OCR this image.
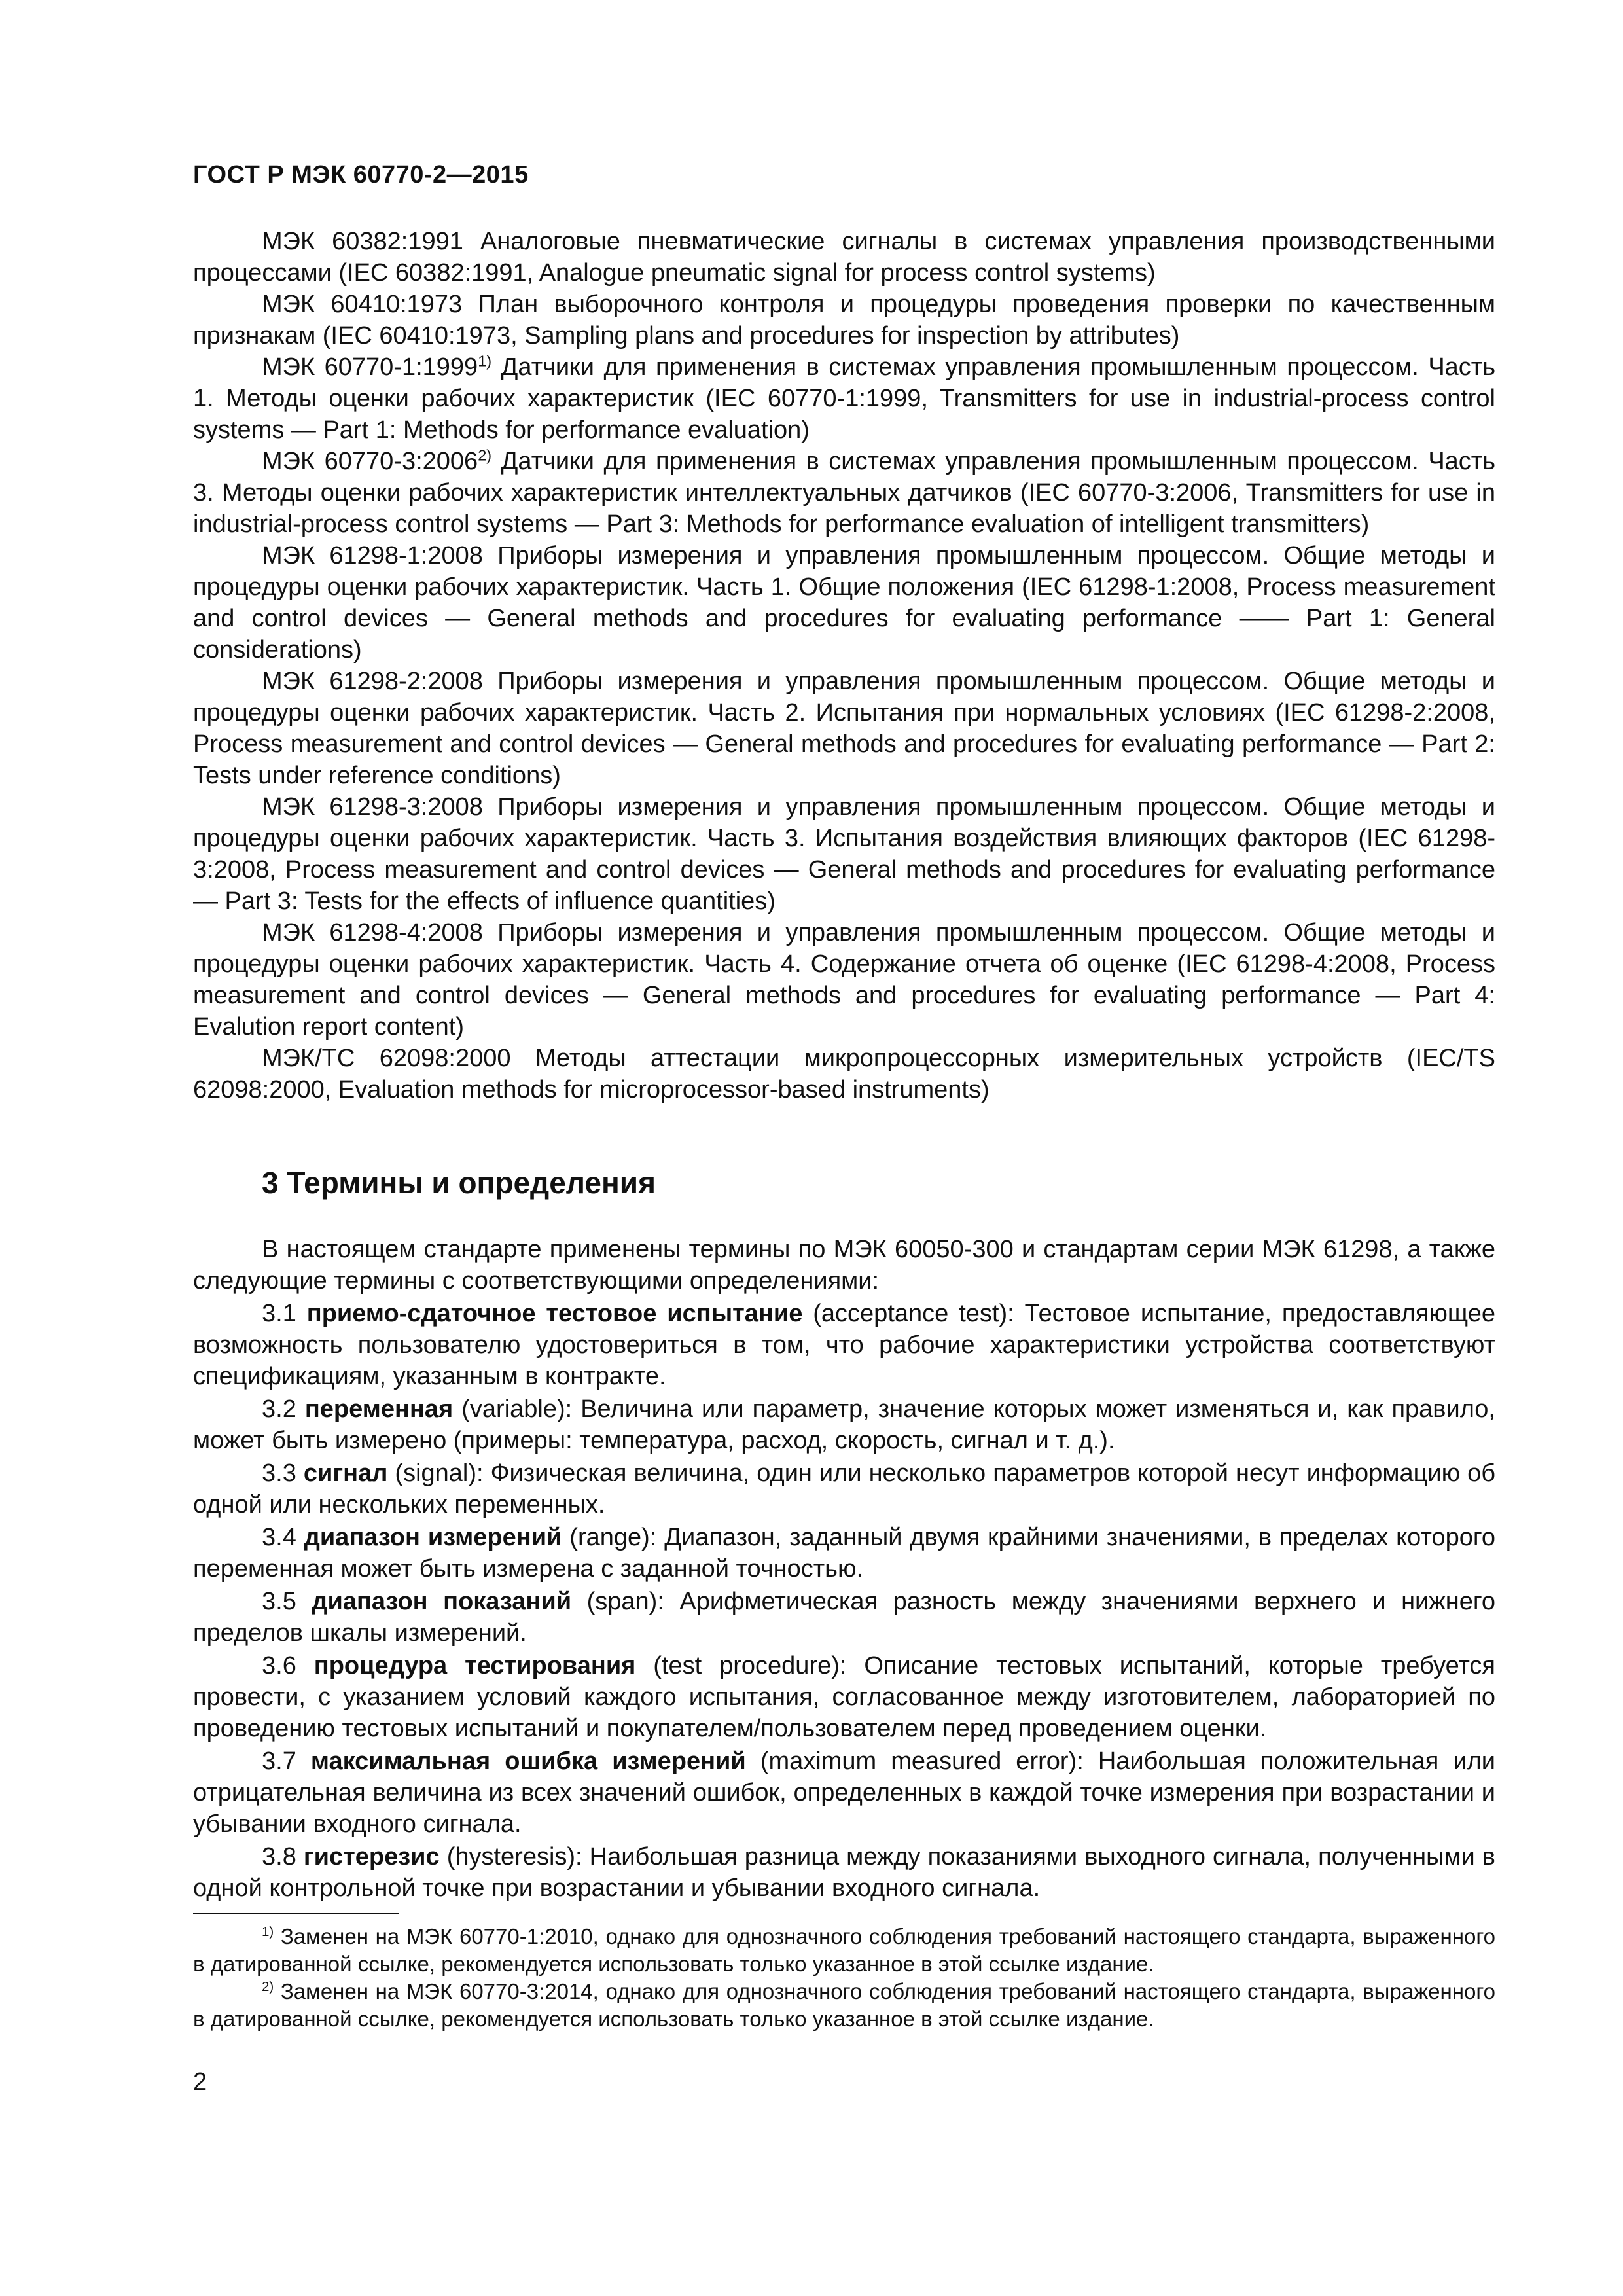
ГОСТ Р МЭК 60770-2—2015

МЭК 60382:1991 Аналоговые пневматические сигналы в системах управления производственными процессами (IEC 60382:1991, Analogue pneumatic signal for process control systems)

МЭК 60410:1973 План выборочного контроля и процедуры проведения проверки по качественным признакам (IEC 60410:1973, Sampling plans and procedures for inspection by attributes)

МЭК 60770-1:1999$^{1)}$ Датчики для применения в системах управления промышленным процессом. Часть 1. Методы оценки рабочих характеристик (IEC 60770-1:1999, Transmitters for use in industrial-process control systems — Part 1: Methods for performance evaluation)

МЭК 60770-3:2006$^{2)}$ Датчики для применения в системах управления промышленным процессом. Часть 3. Методы оценки рабочих характеристик интеллектуальных датчиков (IEC 60770-3:2006, Transmitters for use in industrial-process control systems — Part 3: Methods for performance evaluation of intelligent transmitters)

МЭК 61298-1:2008 Приборы измерения и управления промышленным процессом. Общие методы и процедуры оценки рабочих характеристик. Часть 1. Общие положения (IEC 61298-1:2008, Process measurement and control devices — General methods and procedures for evaluating performance —— Part 1: General considerations)

МЭК 61298-2:2008 Приборы измерения и управления промышленным процессом. Общие методы и процедуры оценки рабочих характеристик. Часть 2. Испытания при нормальных условиях (IEC 61298-2:2008, Process measurement and control devices — General methods and procedures for evaluating performance — Part 2: Tests under reference conditions)

МЭК 61298-3:2008 Приборы измерения и управления промышленным процессом. Общие методы и процедуры оценки рабочих характеристик. Часть 3. Испытания воздействия влияющих факторов (IEC 61298-3:2008, Process measurement and control devices — General methods and procedures for evaluating performance — Part 3: Tests for the effects of influence quantities)

МЭК 61298-4:2008 Приборы измерения и управления промышленным процессом. Общие методы и процедуры оценки рабочих характеристик. Часть 4. Содержание отчета об оценке (IEC 61298-4:2008, Process measurement and control devices — General methods and procedures for evaluating performance — Part 4: Evalution report content)

МЭК/ТС 62098:2000 Методы аттестации микропроцессорных измерительных устройств (IEC/TS 62098:2000, Evaluation methods for microprocessor-based instruments)

3 Термины и определения

В настоящем стандарте применены термины по МЭК 60050-300 и стандартам серии МЭК 61298, а также следующие термины с соответствующими определениями:

3.1 приемо-сдаточное тестовое испытание (acceptance test): Тестовое испытание, предоставляющее возможность пользователю удостовериться в том, что рабочие характеристики устройства соответствуют спецификациям, указанным в контракте.

3.2 переменная (variable): Величина или параметр, значение которых может изменяться и, как правило, может быть измерено (примеры: температура, расход, скорость, сигнал и т. д.).

3.3 сигнал (signal): Физическая величина, один или несколько параметров которой несут информацию об одной или нескольких переменных.

3.4 диапазон измерений (range): Диапазон, заданный двумя крайними значениями, в пределах которого переменная может быть измерена с заданной точностью.

3.5 диапазон показаний (span): Арифметическая разность между значениями верхнего и нижнего пределов шкалы измерений.

3.6 процедура тестирования (test procedure): Описание тестовых испытаний, которые требуется провести, с указанием условий каждого испытания, согласованное между изготовителем, лабораторией по проведению тестовых испытаний и покупателем/пользователем перед проведением оценки.

3.7 максимальная ошибка измерений (maximum measured error): Наибольшая положительная или отрицательная величина из всех значений ошибок, определенных в каждой точке измерения при возрастании и убывании входного сигнала.

3.8 гистерезис (hysteresis): Наибольшая разница между показаниями выходного сигнала, полученными в одной контрольной точке при возрастании и убывании входного сигнала.

$^{1)}$ Заменен на МЭК 60770-1:2010, однако для однозначного соблюдения требований настоящего стандарта, выраженного в датированной ссылке, рекомендуется использовать только указанное в этой ссылке издание.

$^{2)}$ Заменен на МЭК 60770-3:2014, однако для однозначного соблюдения требований настоящего стандарта, выраженного в датированной ссылке, рекомендуется использовать только указанное в этой ссылке издание.

2
